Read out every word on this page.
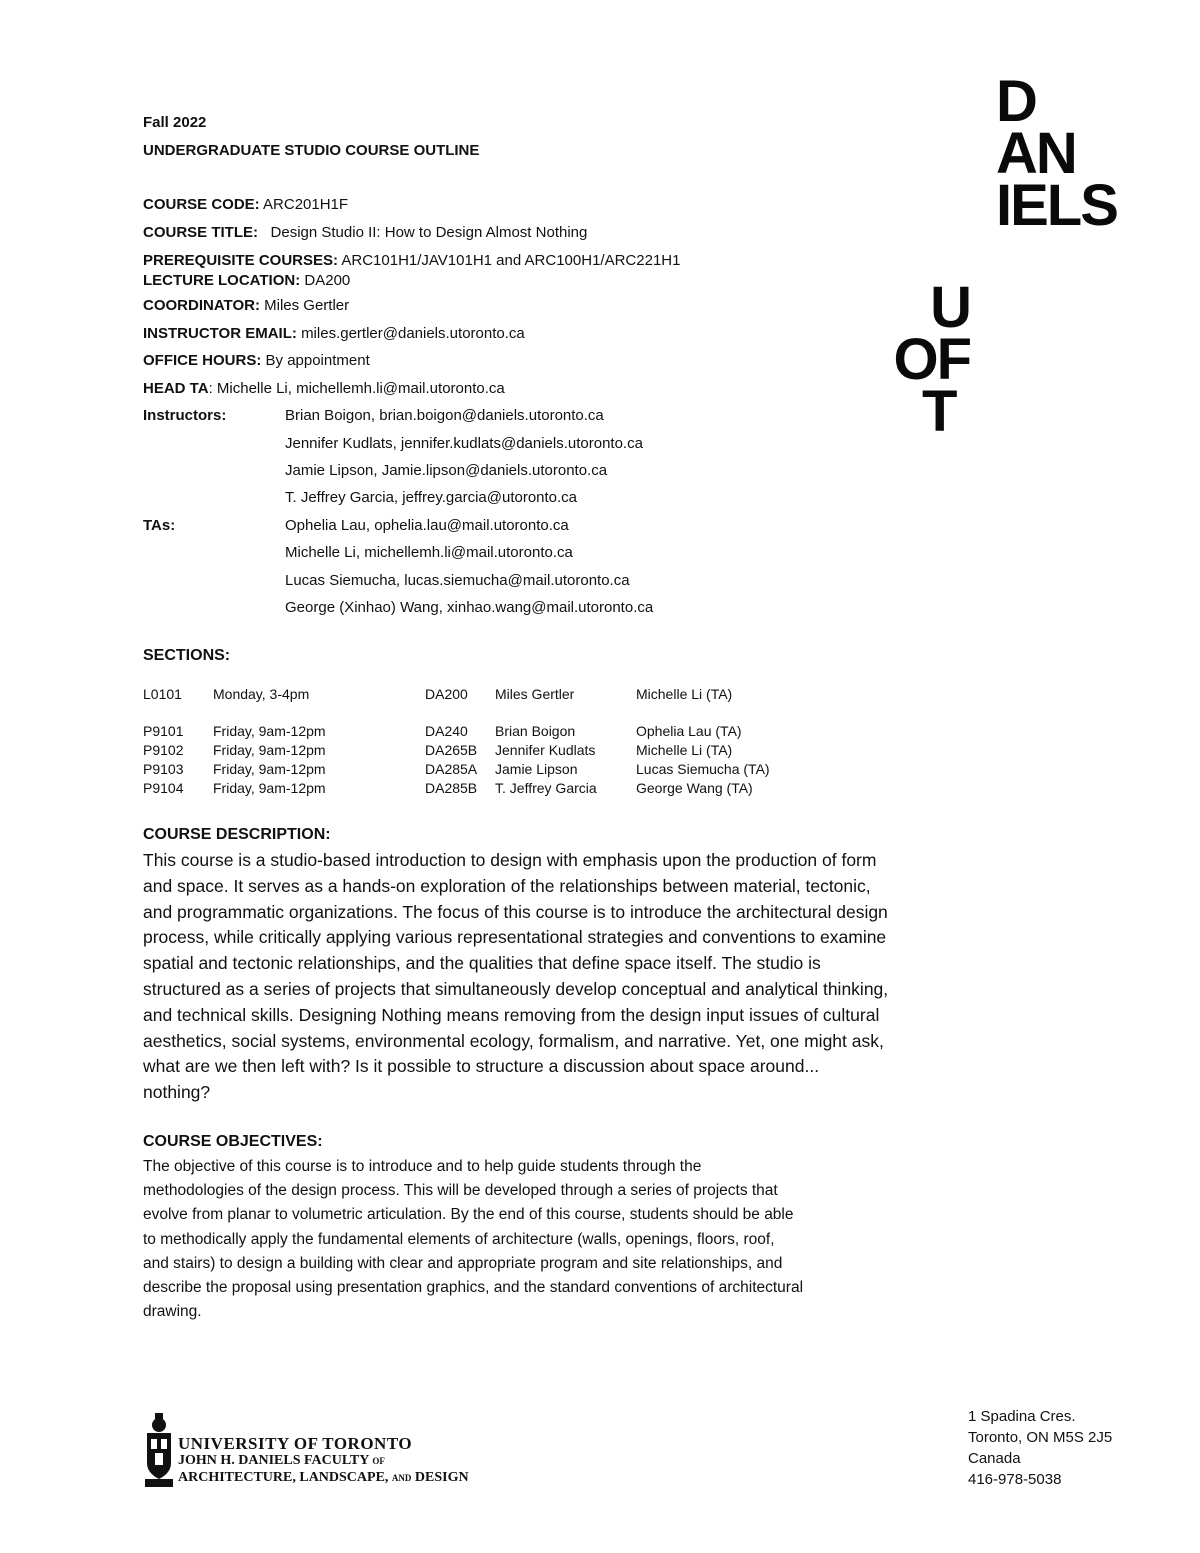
Fall 2022
UNDERGRADUATE STUDIO COURSE OUTLINE
COURSE CODE: ARC201H1F
COURSE TITLE: Design Studio II: How to Design Almost Nothing
PREREQUISITE COURSES: ARC101H1/JAV101H1 and ARC100H1/ARC221H1
LECTURE LOCATION: DA200
COORDINATOR: Miles Gertler
INSTRUCTOR EMAIL: miles.gertler@daniels.utoronto.ca
OFFICE HOURS: By appointment
HEAD TA: Michelle Li, michellemh.li@mail.utoronto.ca
Instructors:	Brian Boigon, brian.boigon@daniels.utoronto.ca
Jennifer Kudlats, jennifer.kudlats@daniels.utoronto.ca
Jamie Lipson, Jamie.lipson@daniels.utoronto.ca
T. Jeffrey Garcia, jeffrey.garcia@utoronto.ca
TAs:	Ophelia Lau, ophelia.lau@mail.utoronto.ca
Michelle Li, michellemh.li@mail.utoronto.ca
Lucas Siemucha, lucas.siemucha@mail.utoronto.ca
George (Xinhao) Wang, xinhao.wang@mail.utoronto.ca
SECTIONS:
L0101	Monday, 3-4pm	DA200	Miles Gertler	Michelle Li (TA)

P9101	Friday, 9am-12pm	DA240	Brian Boigon	Ophelia Lau (TA)
P9102	Friday, 9am-12pm	DA265B	Jennifer Kudlats	Michelle Li (TA)
P9103	Friday, 9am-12pm	DA285A	Jamie Lipson	Lucas Siemucha (TA)
P9104	Friday, 9am-12pm	DA285B	T. Jeffrey Garcia	George Wang (TA)
COURSE DESCRIPTION:
This course is a studio-based introduction to design with emphasis upon the production of form
and space. It serves as a hands-on exploration of the relationships between material, tectonic,
and programmatic organizations. The focus of this course is to introduce the architectural design
process, while critically applying various representational strategies and conventions to examine
spatial and tectonic relationships, and the qualities that define space itself. The studio is
structured as a series of projects that simultaneously develop conceptual and analytical thinking,
and technical skills. Designing Nothing means removing from the design input issues of cultural
aesthetics, social systems, environmental ecology, formalism, and narrative. Yet, one might ask,
what are we then left with? Is it possible to structure a discussion about space around...
nothing?
COURSE OBJECTIVES:
The objective of this course is to introduce and to help guide students through the
methodologies of the design process. This will be developed through a series of projects that
evolve from planar to volumetric articulation. By the end of this course, students should be able
to methodically apply the fundamental elements of architecture (walls, openings, floors, roof,
and stairs) to design a building with clear and appropriate program and site relationships, and
describe the proposal using presentation graphics, and the standard conventions of architectural
drawing.
D
AN
IELS
U
OF
T
UNIVERSITY OF TORONTO
JOHN H. DANIELS FACULTY OF
ARCHITECTURE, LANDSCAPE, AND DESIGN
1 Spadina Cres.
Toronto, ON M5S 2J5
Canada
416-978-5038
